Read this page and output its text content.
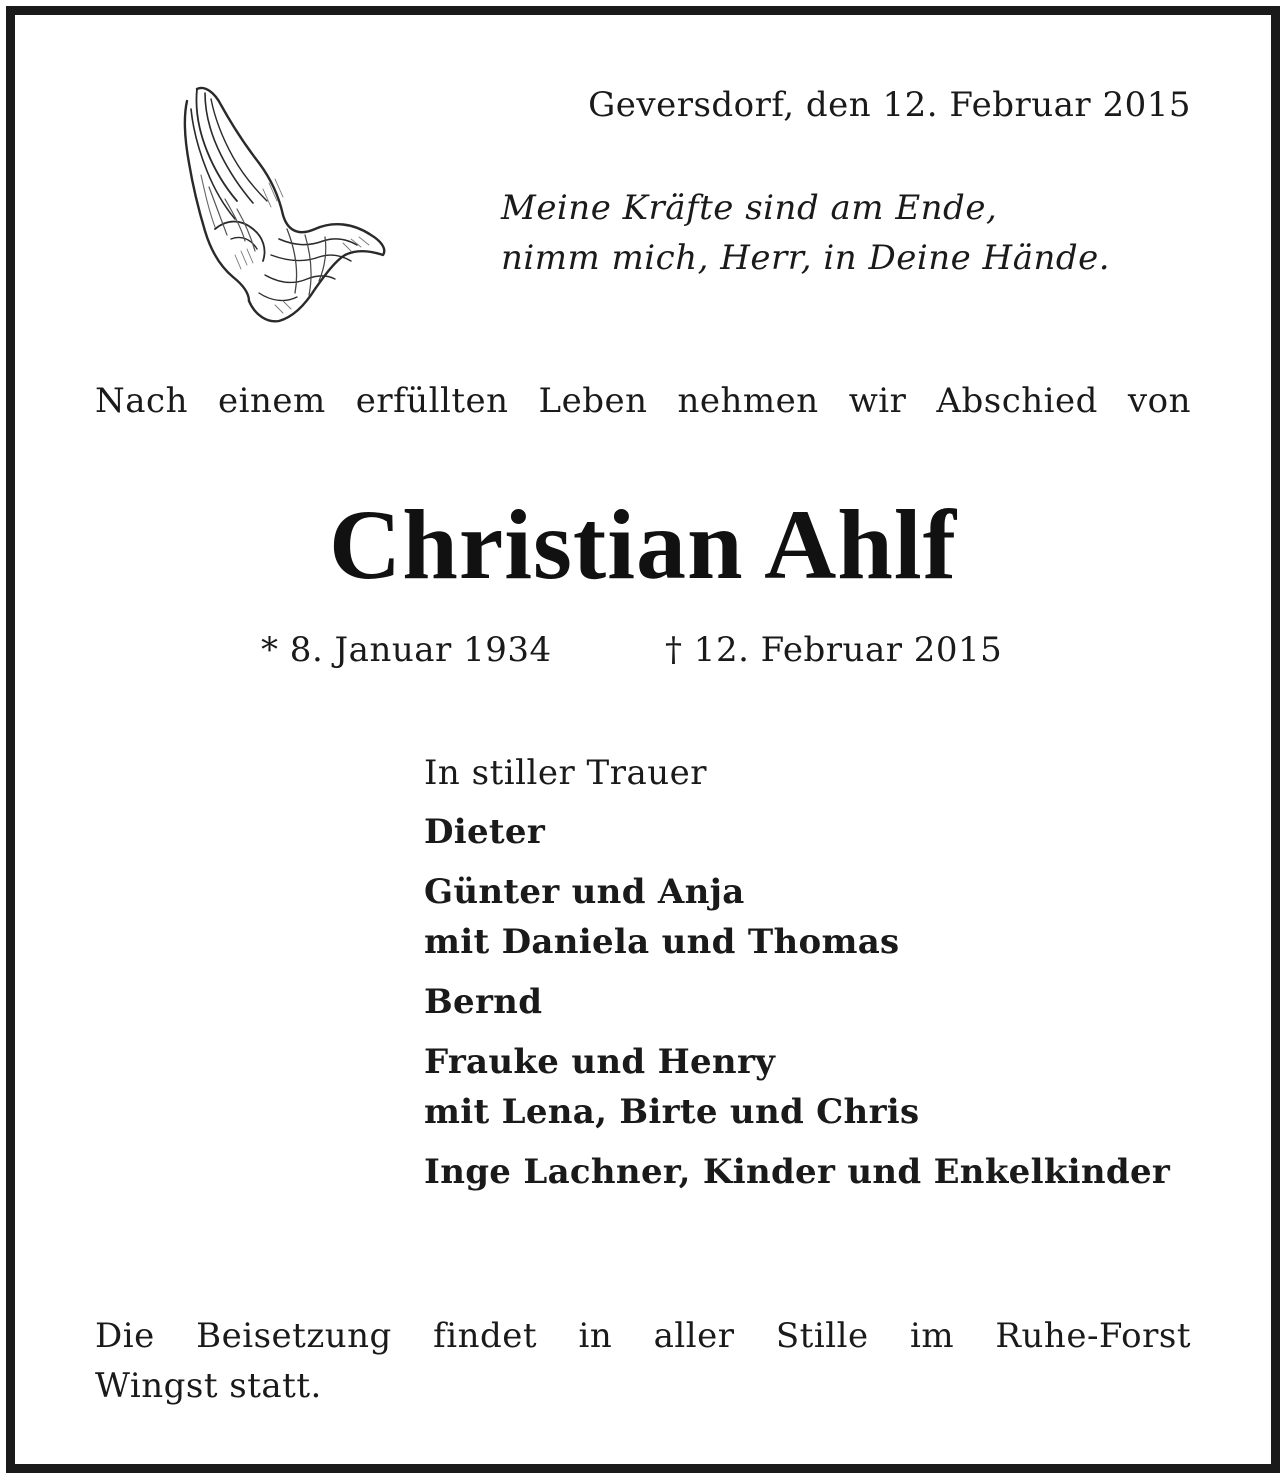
Geversdorf, den 12. Februar 2015
Meine Kräfte sind am Ende,
nimm mich, Herr, in Deine Hände.
Nach einem erfüllten Leben nehmen wir Abschied von
Christian Ahlf
* 8. Januar 1934	† 12. Februar 2015
In stiller Trauer
Dieter
Günter und Anja
mit Daniela und Thomas
Bernd
Frauke und Henry
mit Lena, Birte und Chris
Inge Lachner, Kinder und Enkelkinder
Die Beisetzung findet in aller Stille im Ruhe-Forst
Wingst statt.
